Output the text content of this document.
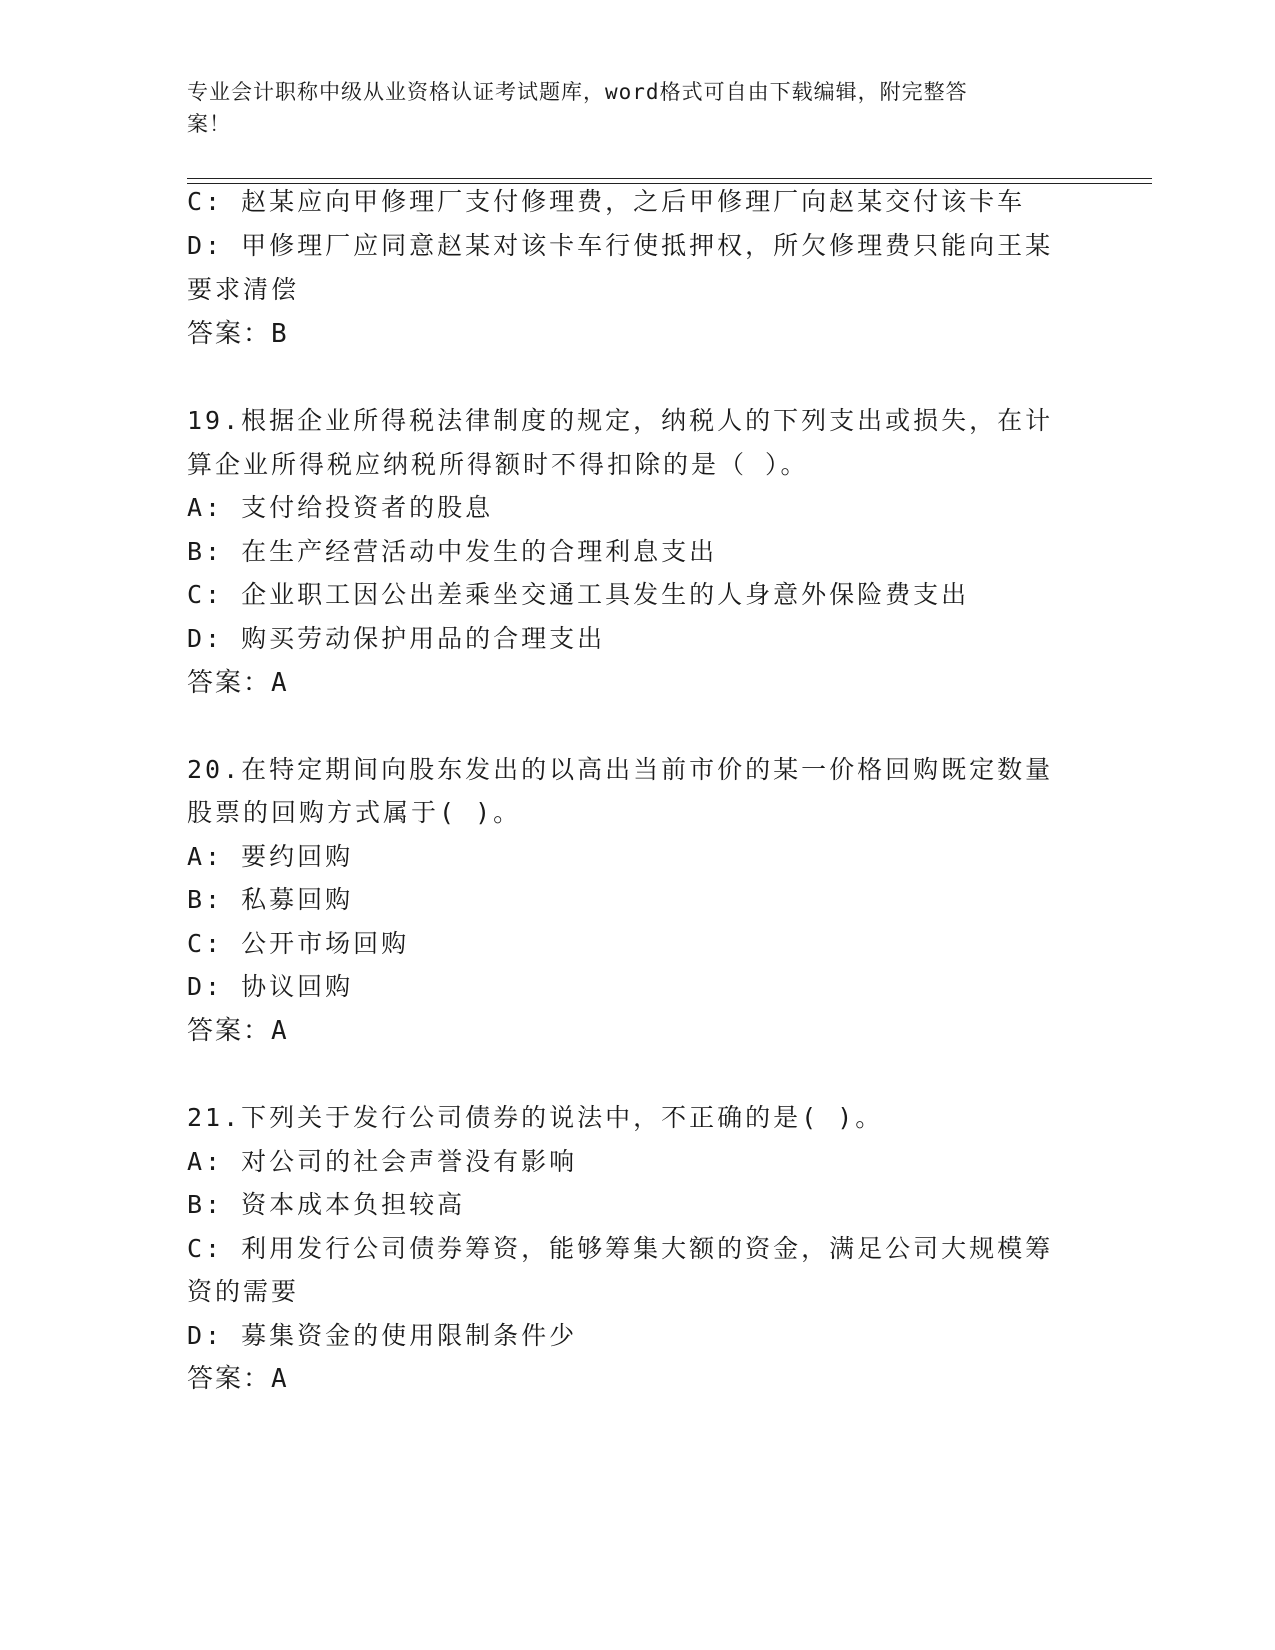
专业会计职称中级从业资格认证考试题库，word格式可自由下载编辑，附完整答
案！
C: 赵某应向甲修理厂支付修理费，之后甲修理厂向赵某交付该卡车
D: 甲修理厂应同意赵某对该卡车行使抵押权，所欠修理费只能向王某
要求清偿
答案：B
19.根据企业所得税法律制度的规定，纳税人的下列支出或损失，在计
算企业所得税应纳税所得额时不得扣除的是（ ）。
A: 支付给投资者的股息
B: 在生产经营活动中发生的合理利息支出
C: 企业职工因公出差乘坐交通工具发生的人身意外保险费支出
D: 购买劳动保护用品的合理支出
答案：A
20.在特定期间向股东发出的以高出当前市价的某一价格回购既定数量
股票的回购方式属于( )。
A: 要约回购
B: 私募回购
C: 公开市场回购
D: 协议回购
答案：A
21.下列关于发行公司债券的说法中，不正确的是( )。
A: 对公司的社会声誉没有影响
B: 资本成本负担较高
C: 利用发行公司债券筹资，能够筹集大额的资金，满足公司大规模筹
资的需要
D: 募集资金的使用限制条件少
答案：A
